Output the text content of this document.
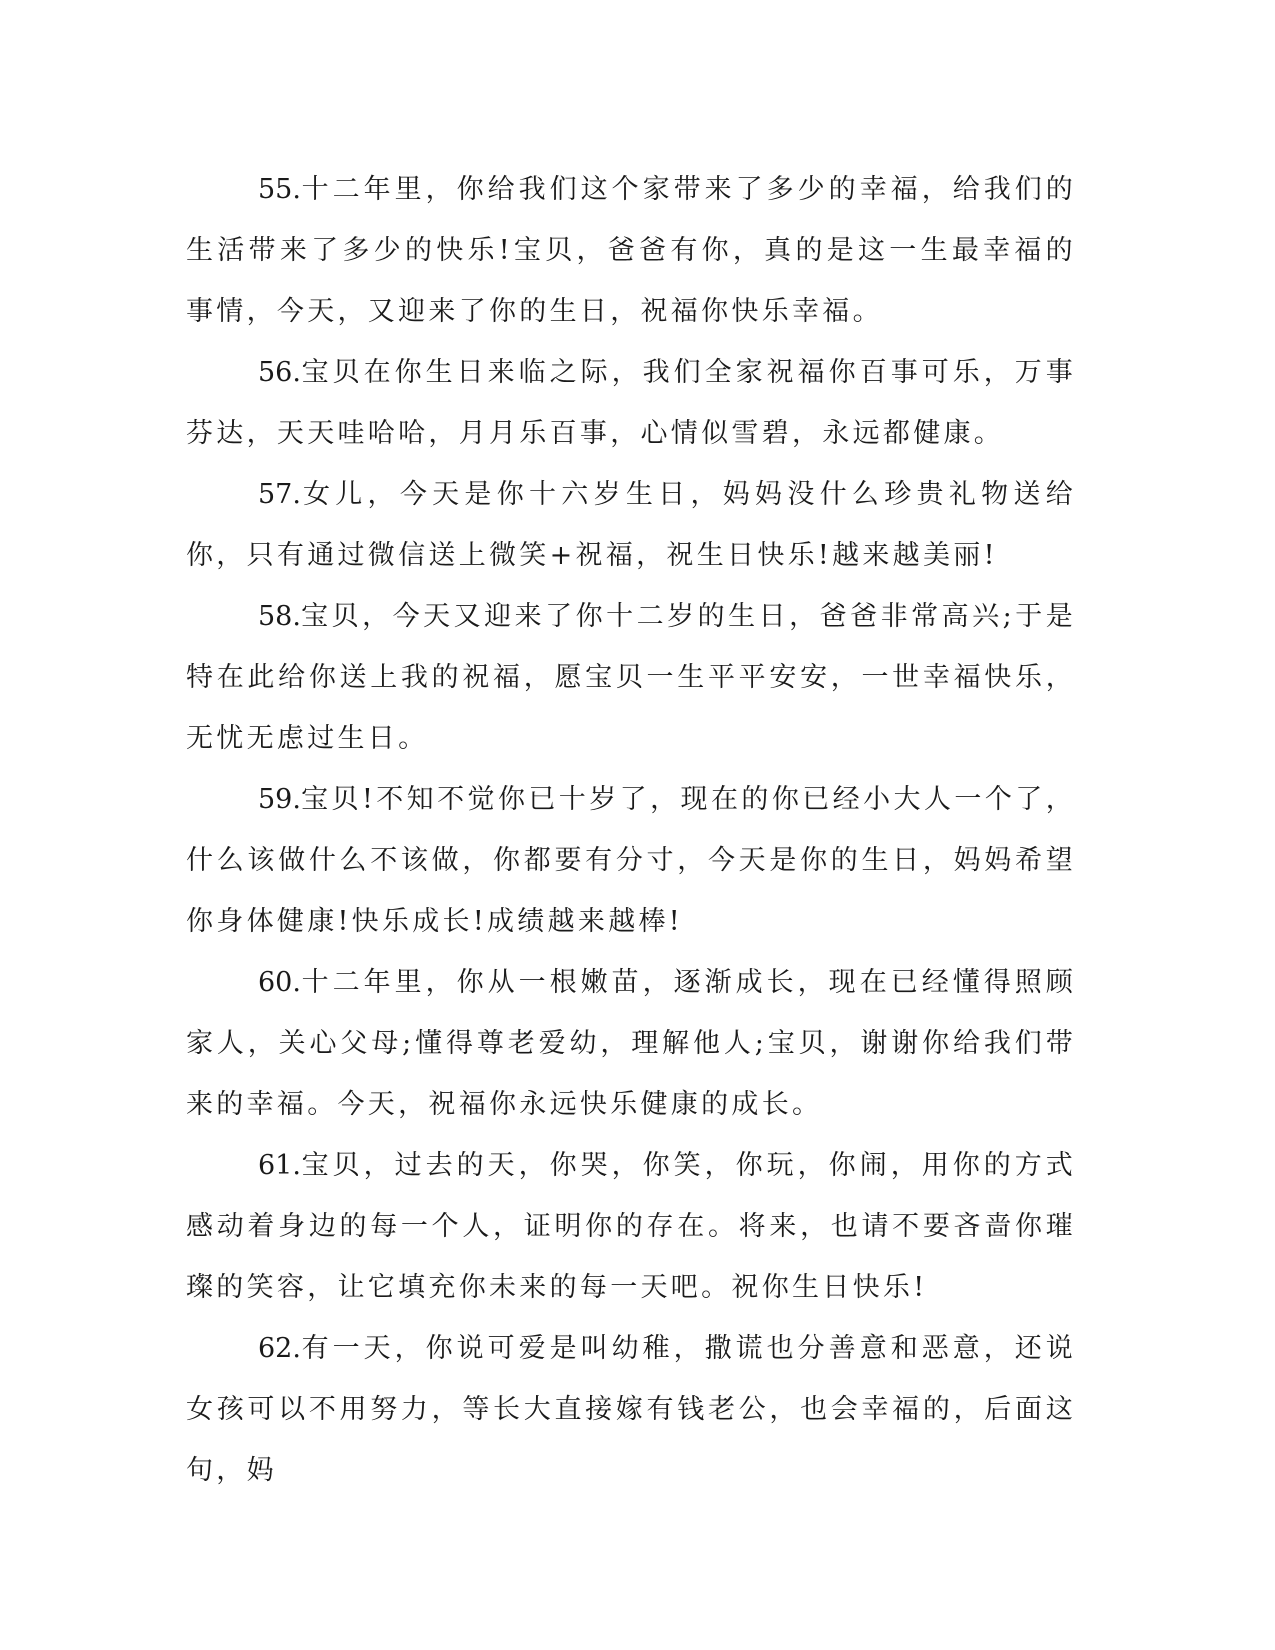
55.十二年里，你给我们这个家带来了多少的幸福，给我们的生活带来了多少的快乐!宝贝，爸爸有你，真的是这一生最幸福的事情，今天，又迎来了你的生日，祝福你快乐幸福。

56.宝贝在你生日来临之际，我们全家祝福你百事可乐，万事芬达，天天哇哈哈，月月乐百事，心情似雪碧，永远都健康。

57.女儿，今天是你十六岁生日，妈妈没什么珍贵礼物送给你，只有通过微信送上微笑+祝福，祝生日快乐!越来越美丽!

58.宝贝，今天又迎来了你十二岁的生日，爸爸非常高兴;于是特在此给你送上我的祝福，愿宝贝一生平平安安，一世幸福快乐，无忧无虑过生日。

59.宝贝!不知不觉你已十岁了，现在的你已经小大人一个了，什么该做什么不该做，你都要有分寸，今天是你的生日，妈妈希望你身体健康!快乐成长!成绩越来越棒!

60.十二年里，你从一根嫩苗，逐渐成长，现在已经懂得照顾家人，关心父母;懂得尊老爱幼，理解他人;宝贝，谢谢你给我们带来的幸福。今天，祝福你永远快乐健康的成长。

61.宝贝，过去的天，你哭，你笑，你玩，你闹，用你的方式感动着身边的每一个人，证明你的存在。将来，也请不要吝啬你璀璨的笑容，让它填充你未来的每一天吧。祝你生日快乐!

62.有一天，你说可爱是叫幼稚，撒谎也分善意和恶意，还说女孩可以不用努力，等长大直接嫁有钱老公，也会幸福的，后面这句，妈
